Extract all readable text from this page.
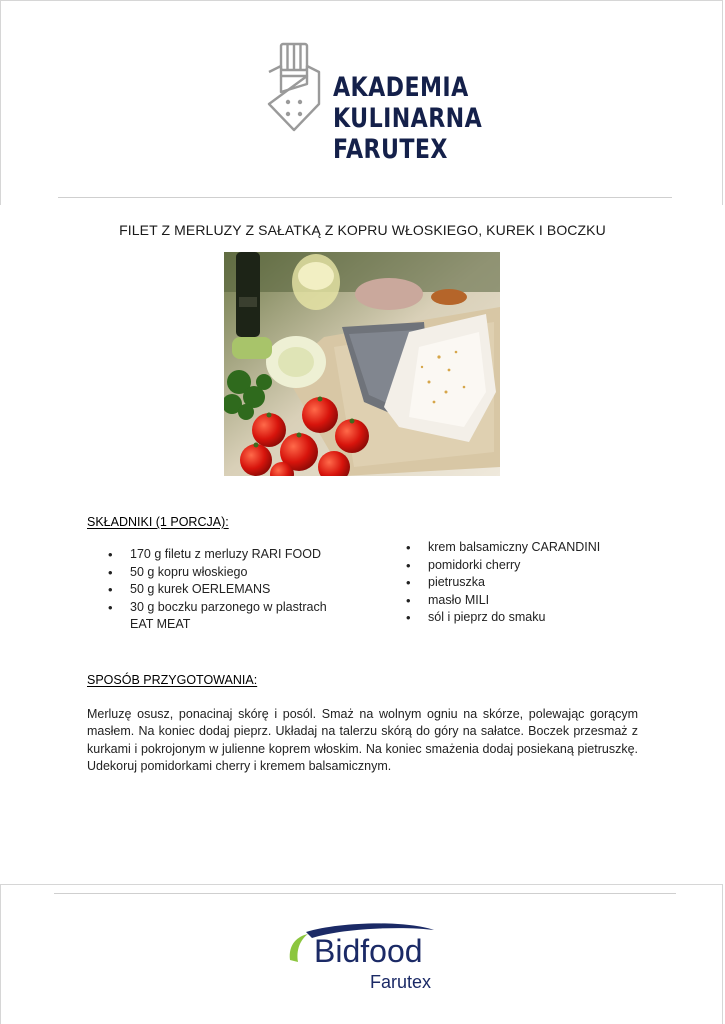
AKADEMIA
KULINARNA
FARUTEX
FILET Z MERLUZY Z SAŁATKĄ Z KOPRU WŁOSKIEGO, KUREK I BOCZKU
SKŁADNIKI (1 PORCJA):
• 170 g filetu z merluzy RARI FOOD
• 50 g kopru włoskiego
• 50 g kurek OERLEMANS
• 30 g boczku parzonego w plastrach
EAT MEAT
• krem balsamiczny CARANDINI
• pomidorki cherry
• pietruszka
• masło MILI
• sól i pieprz do smaku
SPOSÓB PRZYGOTOWANIA:
Merluzę osusz, ponacinaj skórę i posól. Smaż na wolnym ogniu na skórze, polewając gorącym masłem. Na koniec dodaj pieprz. Układaj na talerzu skórą do góry na sałatce. Boczek przesmaż z kurkami i pokrojonym w julienne koprem włoskim. Na koniec smażenia dodaj posiekaną pietruszkę. Udekoruj pomidorkami cherry i kremem balsamicznym.
Bidfood
Farutex
